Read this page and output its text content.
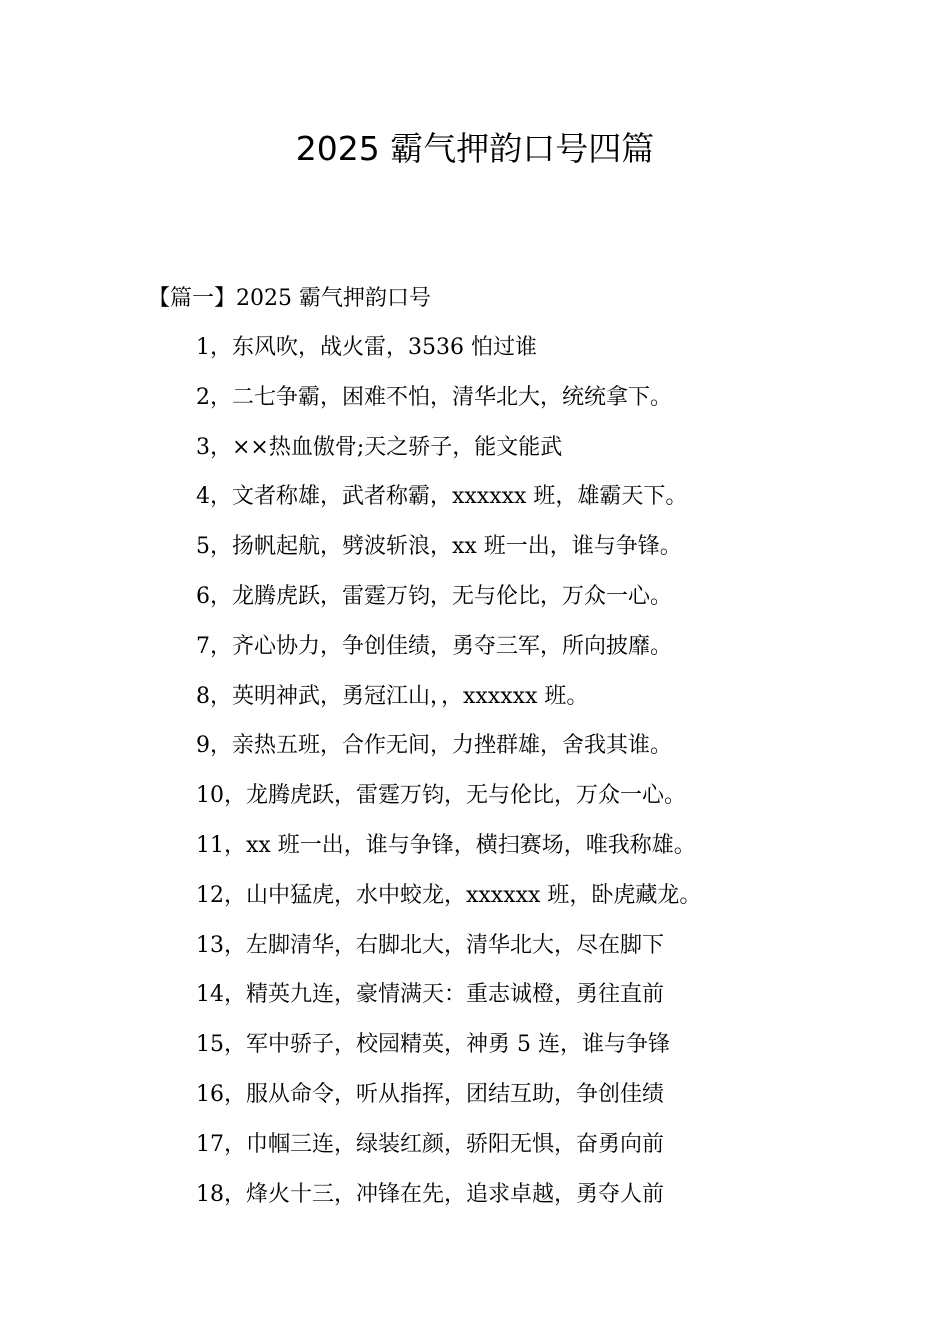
2025 霸气押韵口号四篇

【篇一】2025 霸气押韵口号

1，东风吹，战火雷，3536 怕过谁
2，二七争霸，困难不怕，清华北大，统统拿下。
3，××热血傲骨;天之骄子，能文能武
4，文者称雄，武者称霸，xxxxxx 班，雄霸天下。
5，扬帆起航，劈波斩浪，xx 班一出，谁与争锋。
6，龙腾虎跃，雷霆万钧，无与伦比，万众一心。
7，齐心协力，争创佳绩，勇夺三军，所向披靡。
8，英明神武，勇冠江山，，xxxxxx 班。
9，亲热五班，合作无间，力挫群雄，舍我其谁。
10，龙腾虎跃，雷霆万钧，无与伦比，万众一心。
11，xx 班一出，谁与争锋，横扫赛场，唯我称雄。
12，山中猛虎，水中蛟龙，xxxxxx 班，卧虎藏龙。
13，左脚清华，右脚北大，清华北大，尽在脚下
14，精英九连，豪情满天：重志诚橙，勇往直前
15，军中骄子，校园精英，神勇 5 连，谁与争锋
16，服从命令，听从指挥，团结互助，争创佳绩
17，巾帼三连，绿装红颜，骄阳无惧，奋勇向前
18，烽火十三，冲锋在先，追求卓越，勇夺人前
